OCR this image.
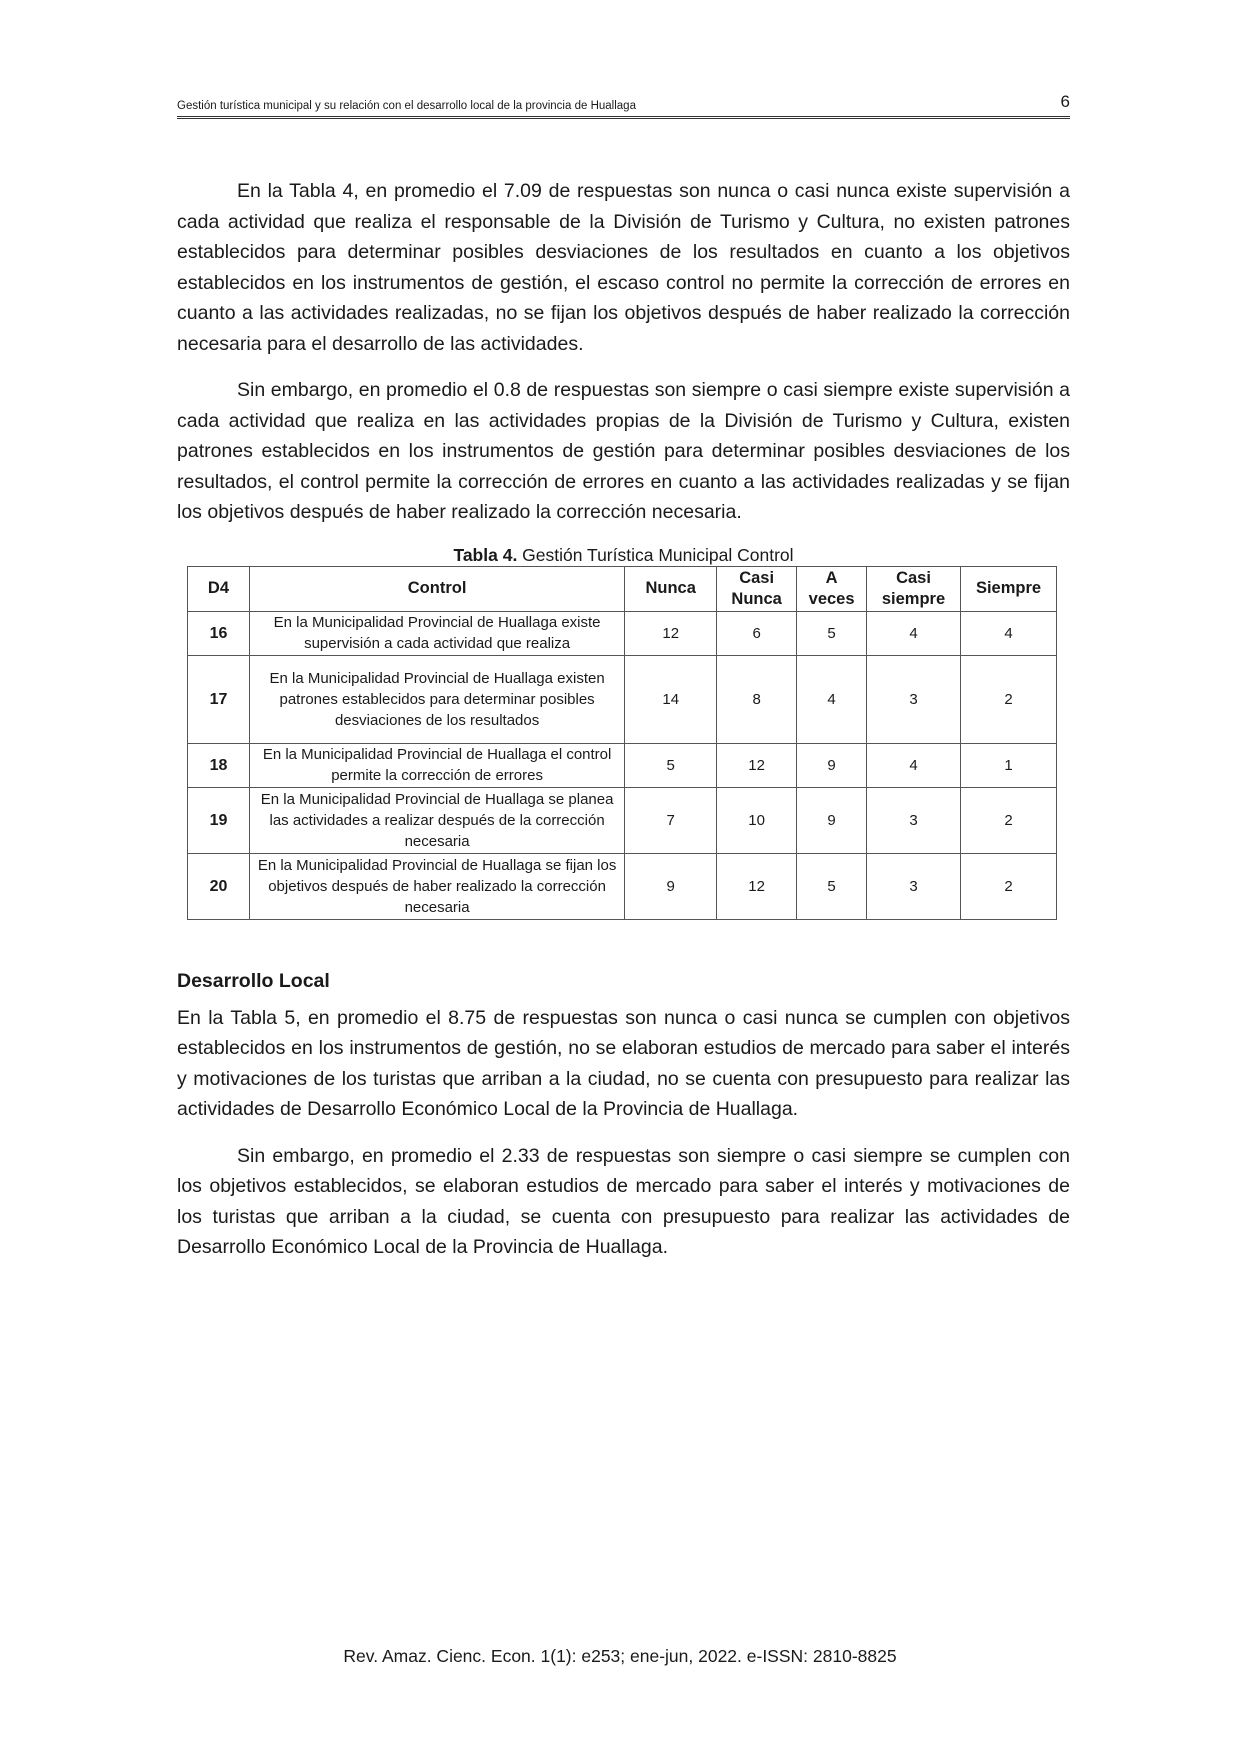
Gestión turística municipal y su relación con el desarrollo local de la provincia de Huallaga	6

En la Tabla 4, en promedio el 7.09 de respuestas son nunca o casi nunca existe supervisión a cada actividad que realiza el responsable de la División de Turismo y Cultura, no existen patrones establecidos para determinar posibles desviaciones de los resultados en cuanto a los objetivos establecidos en los instrumentos de gestión, el escaso control no permite la corrección de errores en cuanto a las actividades realizadas, no se fijan los objetivos después de haber realizado la corrección necesaria para el desarrollo de las actividades.

Sin embargo, en promedio el 0.8 de respuestas son siempre o casi siempre existe supervisión a cada actividad que realiza en las actividades propias de la División de Turismo y Cultura, existen patrones establecidos en los instrumentos de gestión para determinar posibles desviaciones de los resultados, el control permite la corrección de errores en cuanto a las actividades realizadas y se fijan los objetivos después de haber realizado la corrección necesaria.

Tabla 4. Gestión Turística Municipal Control
D4	Control	Nunca	Casi Nunca	A veces	Casi siempre	Siempre
16	En la Municipalidad Provincial de Huallaga existe supervisión a cada actividad que realiza	12	6	5	4	4
17	En la Municipalidad Provincial de Huallaga existen patrones establecidos para determinar posibles desviaciones de los resultados	14	8	4	3	2
18	En la Municipalidad Provincial de Huallaga el control permite la corrección de errores	5	12	9	4	1
19	En la Municipalidad Provincial de Huallaga se planea las actividades a realizar después de la corrección necesaria	7	10	9	3	2
20	En la Municipalidad Provincial de Huallaga se fijan los objetivos después de haber realizado la corrección necesaria	9	12	5	3	2
Desarrollo Local

En la Tabla 5, en promedio el 8.75 de respuestas son nunca o casi nunca se cumplen con objetivos establecidos en los instrumentos de gestión, no se elaboran estudios de mercado para saber el interés y motivaciones de los turistas que arriban a la ciudad, no se cuenta con presupuesto para realizar las actividades de Desarrollo Económico Local de la Provincia de Huallaga.

Sin embargo, en promedio el 2.33 de respuestas son siempre o casi siempre se cumplen con los objetivos establecidos, se elaboran estudios de mercado para saber el interés y motivaciones de los turistas que arriban a la ciudad, se cuenta con presupuesto para realizar las actividades de Desarrollo Económico Local de la Provincia de Huallaga.

Rev. Amaz. Cienc. Econ. 1(1): e253; ene-jun, 2022. e-ISSN: 2810-8825
